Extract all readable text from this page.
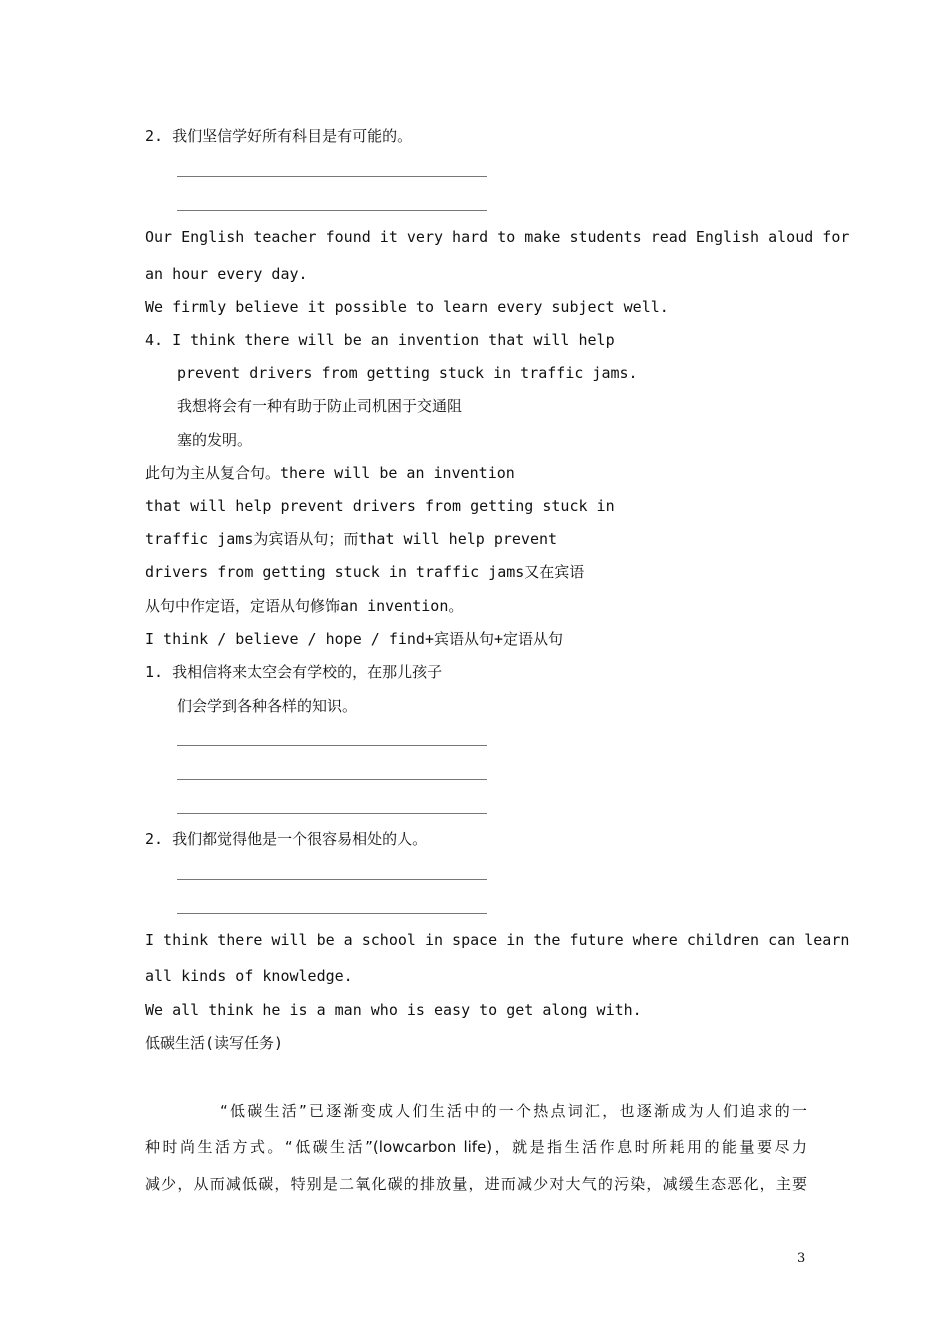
2. 我们坚信学好所有科目是有可能的。
Our English teacher found it very hard to make students read English aloud for
an hour every day.
We firmly believe it possible to learn every subject well.
4. I think there will be an invention that will help
prevent drivers from getting stuck in traffic jams.
我想将会有一种有助于防止司机困于交通阻
塞的发明。
此句为主从复合句。there will be an invention
that will help prevent drivers from getting stuck in
traffic jams为宾语从句；而that will help prevent
drivers from getting stuck in traffic jams又在宾语
从句中作定语，定语从句修饰an invention。
I think / believe / hope / find+宾语从句+定语从句
1. 我相信将来太空会有学校的，在那儿孩子
们会学到各种各样的知识。
2. 我们都觉得他是一个很容易相处的人。
I think there will be a school in space in the future where children can learn
all kinds of knowledge.
We all think he is a man who is easy to get along with.
低碳生活(读写任务)
“低碳生活”已逐渐变成人们生活中的一个热点词汇，也逐渐成为人们追求的一
种时尚生活方式。“低碳生活”(lowcarbon life)，就是指生活作息时所耗用的能量要尽力
减少，从而减低碳，特别是二氧化碳的排放量，进而减少对大气的污染，减缓生态恶化，主要
3
